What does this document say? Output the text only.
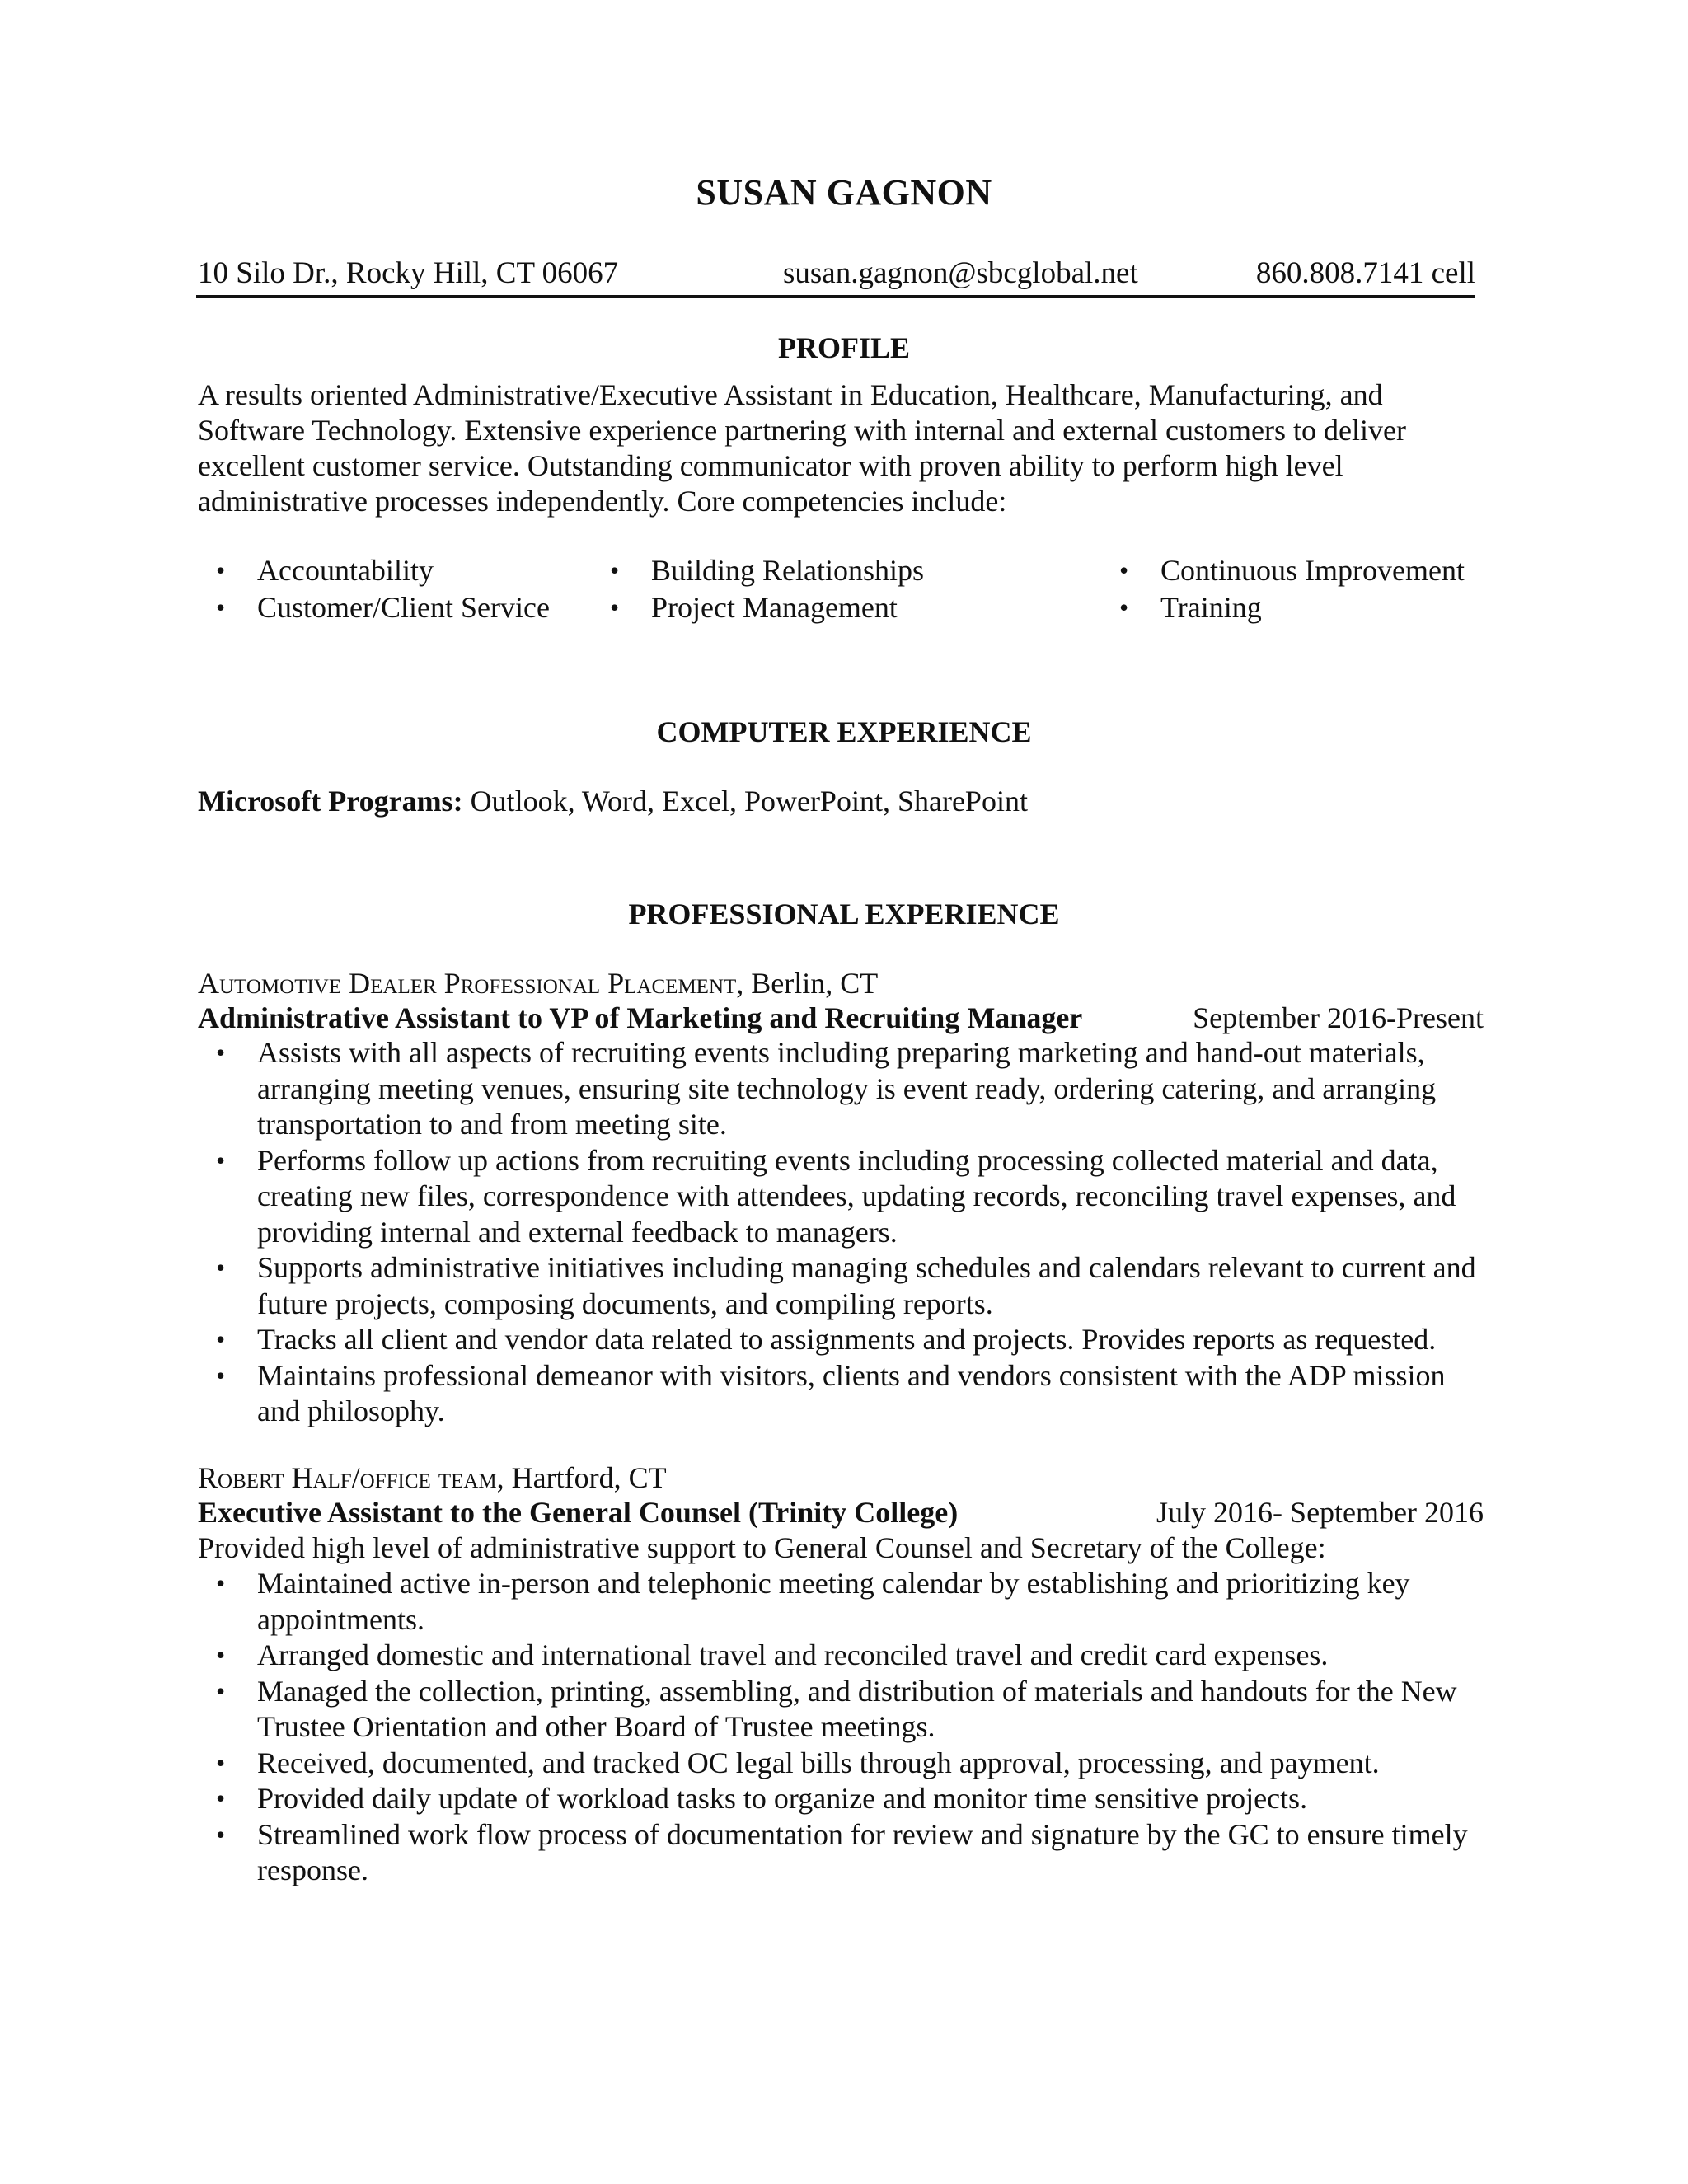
SUSAN GAGNON
10 Silo Dr., Rocky Hill, CT 06067	susan.gagnon@sbcglobal.net	860.808.7141 cell
PROFILE
A results oriented Administrative/Executive Assistant in Education, Healthcare, Manufacturing, and Software Technology. Extensive experience partnering with internal and external customers to deliver excellent customer service. Outstanding communicator with proven ability to perform high level administrative processes independently. Core competencies include:
• Accountability
• Customer/Client Service
• Building Relationships
• Project Management
• Continuous Improvement
• Training
COMPUTER EXPERIENCE
Microsoft Programs: Outlook, Word, Excel, PowerPoint, SharePoint
PROFESSIONAL EXPERIENCE
Automotive Dealer Professional Placement, Berlin, CT
Administrative Assistant to VP of Marketing and Recruiting Manager	September 2016-Present
• Assists with all aspects of recruiting events including preparing marketing and hand-out materials, arranging meeting venues, ensuring site technology is event ready, ordering catering, and arranging transportation to and from meeting site.
• Performs follow up actions from recruiting events including processing collected material and data, creating new files, correspondence with attendees, updating records, reconciling travel expenses, and providing internal and external feedback to managers.
• Supports administrative initiatives including managing schedules and calendars relevant to current and future projects, composing documents, and compiling reports.
• Tracks all client and vendor data related to assignments and projects. Provides reports as requested.
• Maintains professional demeanor with visitors, clients and vendors consistent with the ADP mission and philosophy.
Robert Half/office team, Hartford, CT
Executive Assistant to the General Counsel (Trinity College)	July 2016- September 2016
Provided high level of administrative support to General Counsel and Secretary of the College:
• Maintained active in-person and telephonic meeting calendar by establishing and prioritizing key appointments.
• Arranged domestic and international travel and reconciled travel and credit card expenses.
• Managed the collection, printing, assembling, and distribution of materials and handouts for the New Trustee Orientation and other Board of Trustee meetings.
• Received, documented, and tracked OC legal bills through approval, processing, and payment.
• Provided daily update of workload tasks to organize and monitor time sensitive projects.
• Streamlined work flow process of documentation for review and signature by the GC to ensure timely response.
